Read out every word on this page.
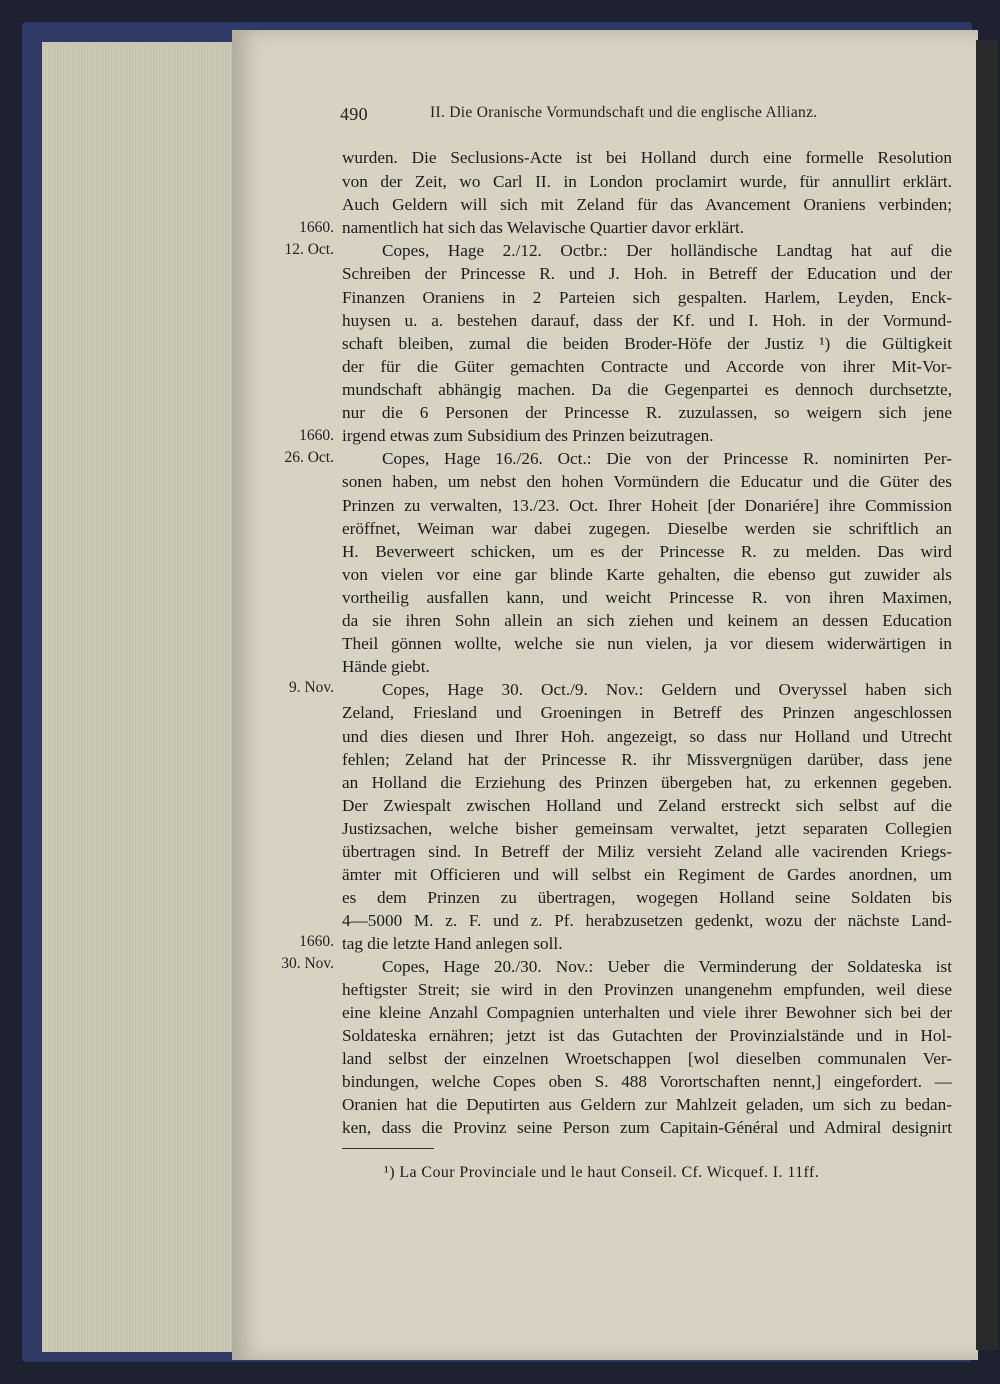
490	II. Die Oranische Vormundschaft und die englische Allianz.
wurden. Die Seclusions-Acte ist bei Holland durch eine formelle Resolution
von der Zeit, wo Carl II. in London proclamirt wurde, für annullirt erklärt.
Auch Geldern will sich mit Zeland für das Avancement Oraniens verbinden;
namentlich hat sich das Welavische Quartier davor erklärt.
Copes, Hage 2./12. Octbr.: Der holländische Landtag hat auf die
Schreiben der Princesse R. und J. Hoh. in Betreff der Education und der
Finanzen Oraniens in 2 Parteien sich gespalten. Harlem, Leyden, Enck-
huysen u. a. bestehen darauf, dass der Kf. und I. Hoh. in der Vormund-
schaft bleiben, zumal die beiden Broder-Höfe der Justiz ¹) die Gültigkeit
der für die Güter gemachten Contracte und Accorde von ihrer Mit-Vor-
mundschaft abhängig machen. Da die Gegenpartei es dennoch durchsetzte,
nur die 6 Personen der Princesse R. zuzulassen, so weigern sich jene
irgend etwas zum Subsidium des Prinzen beizutragen.
Copes, Hage 16./26. Oct.: Die von der Princesse R. nominirten Per-
sonen haben, um nebst den hohen Vormündern die Educatur und die Güter des
Prinzen zu verwalten, 13./23. Oct. Ihrer Hoheit [der Donariére] ihre Commission
eröffnet, Weiman war dabei zugegen. Dieselbe werden sie schriftlich an
H. Beverweert schicken, um es der Princesse R. zu melden. Das wird
von vielen vor eine gar blinde Karte gehalten, die ebenso gut zuwider als
vortheilig ausfallen kann, und weicht Princesse R. von ihren Maximen,
da sie ihren Sohn allein an sich ziehen und keinem an dessen Education
Theil gönnen wollte, welche sie nun vielen, ja vor diesem widerwärtigen in
Hände giebt.
Copes, Hage 30. Oct./9. Nov.: Geldern und Overyssel haben sich
Zeland, Friesland und Groeningen in Betreff des Prinzen angeschlossen
und dies diesen und Ihrer Hoh. angezeigt, so dass nur Holland und Utrecht
fehlen; Zeland hat der Princesse R. ihr Missvergnügen darüber, dass jene
an Holland die Erziehung des Prinzen übergeben hat, zu erkennen gegeben.
Der Zwiespalt zwischen Holland und Zeland erstreckt sich selbst auf die
Justizsachen, welche bisher gemeinsam verwaltet, jetzt separaten Collegien
übertragen sind. In Betreff der Miliz versieht Zeland alle vacirenden Kriegs-
ämter mit Officieren und will selbst ein Regiment de Gardes anordnen, um
es dem Prinzen zu übertragen, wogegen Holland seine Soldaten bis
4—5000 M. z. F. und z. Pf. herabzusetzen gedenkt, wozu der nächste Land-
tag die letzte Hand anlegen soll.
Copes, Hage 20./30. Nov.: Ueber die Verminderung der Soldateska ist
heftigster Streit; sie wird in den Provinzen unangenehm empfunden, weil diese
eine kleine Anzahl Compagnien unterhalten und viele ihrer Bewohner sich bei der
Soldateska ernähren; jetzt ist das Gutachten der Provinzialstände und in Hol-
land selbst der einzelnen Wroetschappen [wol dieselben communalen Ver-
bindungen, welche Copes oben S. 488 Vorortschaften nennt,] eingefordert. —
Oranien hat die Deputirten aus Geldern zur Mahlzeit geladen, um sich zu bedan-
ken, dass die Provinz seine Person zum Capitain-Général und Admiral designirt
1660.
12. Oct.
1660.
26. Oct.
9. Nov.
1660.
30. Nov.
¹) La Cour Provinciale und le haut Conseil. Cf. Wicquef. I. 11ff.
